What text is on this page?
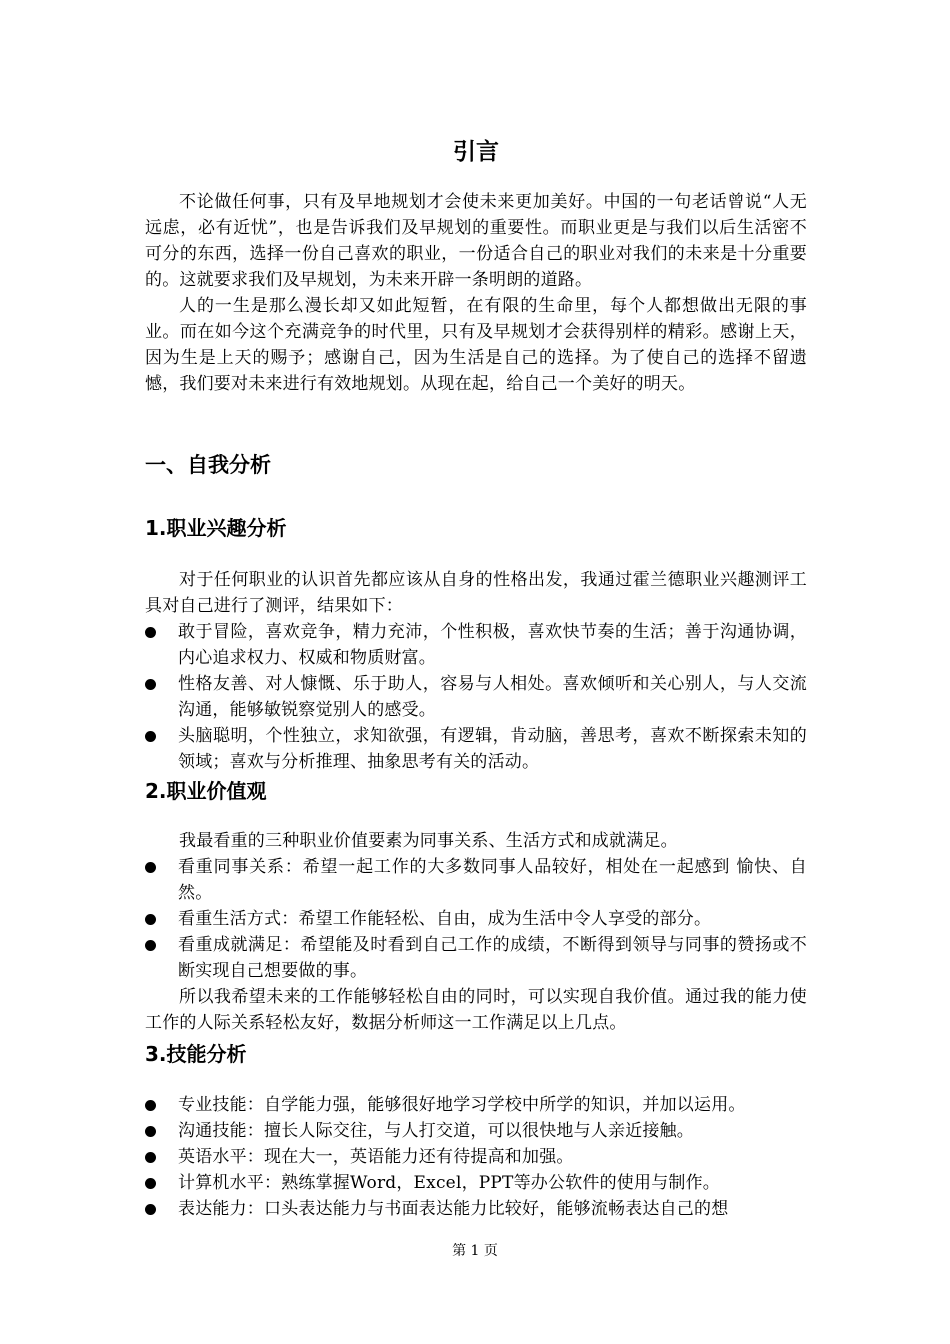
引言

不论做任何事，只有及早地规划才会使未来更加美好。中国的一句老话曾说“人无远虑，必有近忧”，也是告诉我们及早规划的重要性。而职业更是与我们以后生活密不可分的东西，选择一份自己喜欢的职业，一份适合自己的职业对我们的未来是十分重要的。这就要求我们及早规划，为未来开辟一条明朗的道路。

人的一生是那么漫长却又如此短暂，在有限的生命里，每个人都想做出无限的事业。而在如今这个充满竞争的时代里，只有及早规划才会获得别样的精彩。感谢上天，因为生是上天的赐予；感谢自己，因为生活是自己的选择。为了使自己的选择不留遗憾，我们要对未来进行有效地规划。从现在起，给自己一个美好的明天。

一、自我分析
1.职业兴趣分析

对于任何职业的认识首先都应该从自身的性格出发，我通过霍兰德职业兴趣测评工具对自己进行了测评，结果如下：

敢于冒险，喜欢竞争，精力充沛，个性积极，喜欢快节奏的生活；善于沟通协调，内心追求权力、权威和物质财富。
性格友善、对人慷慨、乐于助人，容易与人相处。喜欢倾听和关心别人，与人交流沟通，能够敏锐察觉别人的感受。
头脑聪明，个性独立，求知欲强，有逻辑，肯动脑，善思考，喜欢不断探索未知的领域；喜欢与分析推理、抽象思考有关的活动。
2.职业价值观

我最看重的三种职业价值要素为同事关系、生活方式和成就满足。

看重同事关系：希望一起工作的大多数同事人品较好，相处在一起感到 愉快、自然。
看重生活方式：希望工作能轻松、自由，成为生活中令人享受的部分。
看重成就满足：希望能及时看到自己工作的成绩，不断得到领导与同事的赞扬或不断实现自己想要做的事。

所以我希望未来的工作能够轻松自由的同时，可以实现自我价值。通过我的能力使工作的人际关系轻松友好，数据分析师这一工作满足以上几点。

3.技能分析
专业技能：自学能力强，能够很好地学习学校中所学的知识，并加以运用。
沟通技能：擅长人际交往，与人打交道，可以很快地与人亲近接触。
英语水平：现在大一，英语能力还有待提高和加强。
计算机水平：熟练掌握Word，Excel，PPT等办公软件的使用与制作。
表达能力：口头表达能力与书面表达能力比较好，能够流畅表达自己的想
第 1 页
